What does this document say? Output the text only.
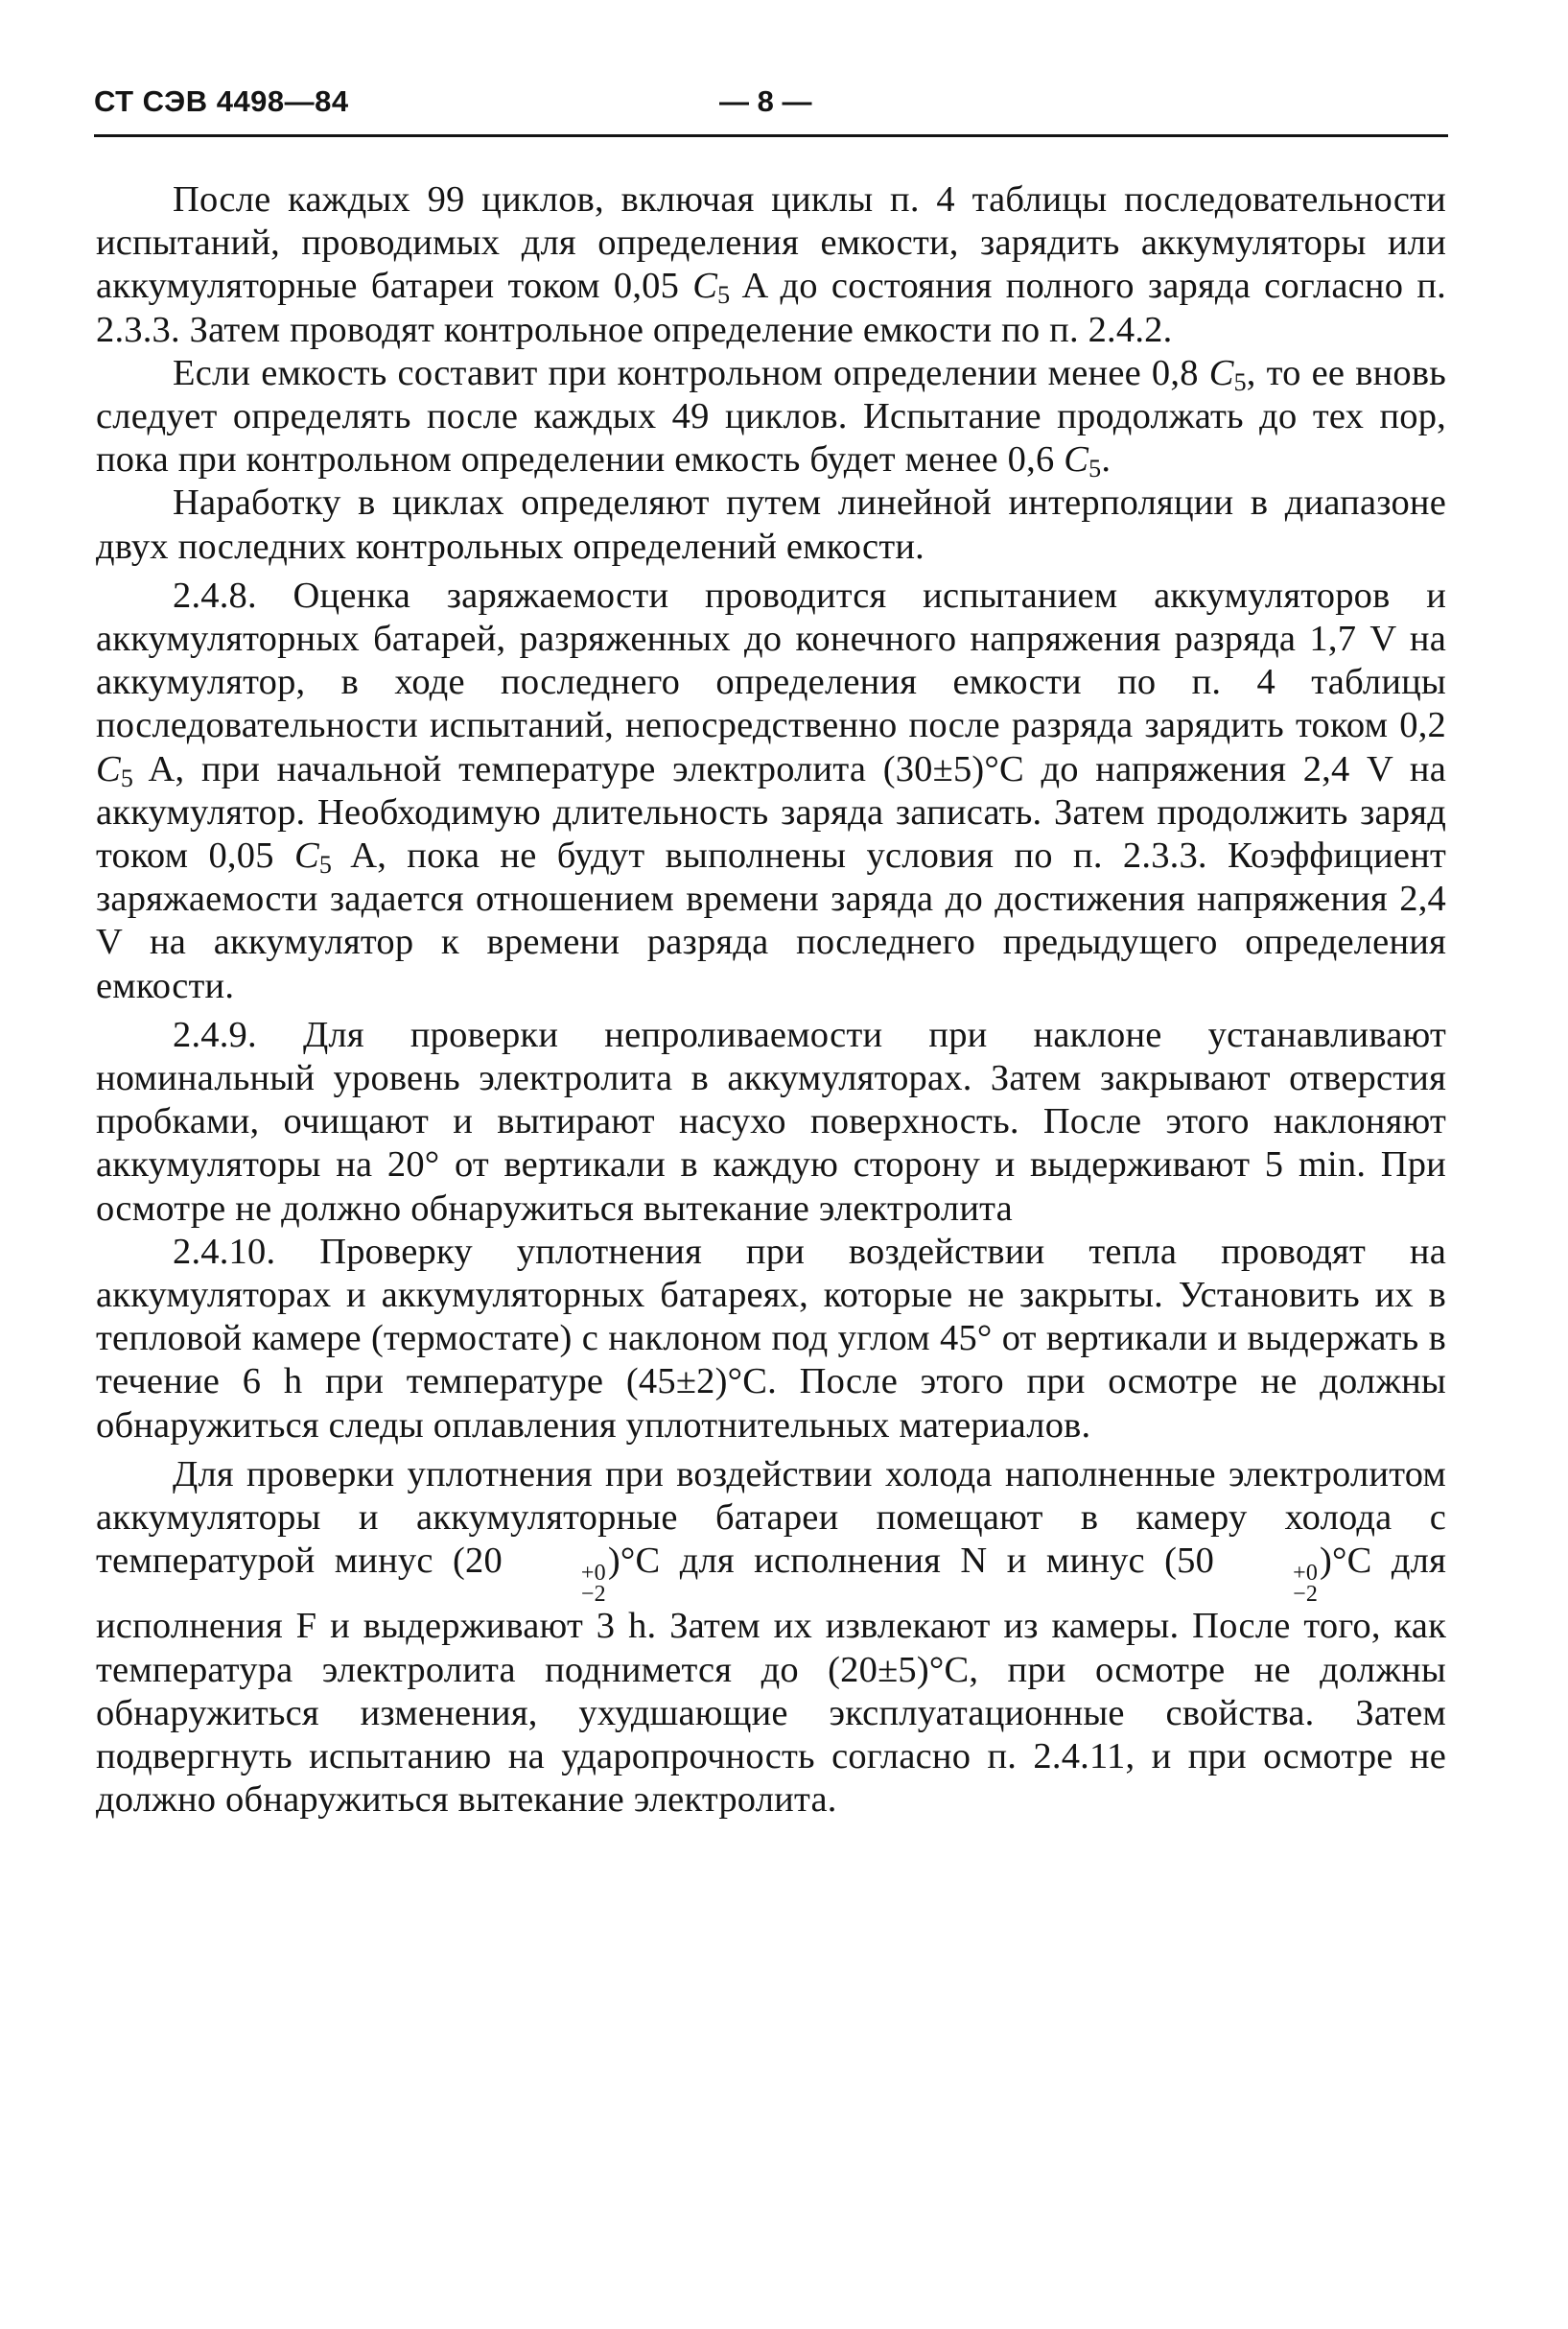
СТ СЭВ 4498—84	— 8 —

После каждых 99 циклов, включая циклы п. 4 таблицы последовательности испытаний, проводимых для определения емкости, зарядить аккумуляторы или аккумуляторные батареи током 0,05 $C_5$ A до состояния полного заряда согласно п. 2.3.3. Затем проводят контрольное определение емкости по п. 2.4.2.

Если емкость составит при контрольном определении менее 0,8 $C_5$, то ее вновь следует определять после каждых 49 циклов. Испытание продолжать до тех пор, пока при контрольном определении емкость будет менее 0,6 $C_5$.

Наработку в циклах определяют путем линейной интерполяции в диапазоне двух последних контрольных определений емкости.

2.4.8. Оценка заряжаемости проводится испытанием аккумуляторов и аккумуляторных батарей, разряженных до конечного напряжения разряда 1,7 V на аккумулятор, в ходе последнего определения емкости по п. 4 таблицы последовательности испытаний, непосредственно после разряда зарядить током 0,2 $C_5$ A, при начальной температуре электролита (30±5)°C до напряжения 2,4 V на аккумулятор. Необходимую длительность заряда записать. Затем продолжить заряд током 0,05 $C_5$ A, пока не будут выполнены условия по п. 2.3.3. Коэффициент заряжаемости задается отношением времени заряда до достижения напряжения 2,4 V на аккумулятор к времени разряда последнего предыдущего определения емкости.

2.4.9. Для проверки непроливаемости при наклоне устанавливают номинальный уровень электролита в аккумуляторах. Затем закрывают отверстия пробками, очищают и вытирают насухо поверхность. После этого наклоняют аккумуляторы на 20° от вертикали в каждую сторону и выдерживают 5 min. При осмотре не должно обнаружиться вытекание электролита

2.4.10. Проверку уплотнения при воздействии тепла проводят на аккумуляторах и аккумуляторных батареях, которые не закрыты. Установить их в тепловой камере (термостате) с наклоном под углом 45° от вертикали и выдержать в течение 6 h при температуре (45±2)°C. После этого при осмотре не должны обнаружиться следы оплавления уплотнительных материалов.

Для проверки уплотнения при воздействии холода наполненные электролитом аккумуляторы и аккумуляторные батареи помещают в камеру холода с температурой минус (20	+0
−2
)°C для исполнения N и минус (50	+0
−2
)°C для исполнения F и выдерживают 3 h. Затем их извлекают из камеры. После того, как температура электролита поднимется до (20±5)°C, при осмотре не должны обнаружиться изменения, ухудшающие эксплуатационные свойства. Затем подвергнуть испытанию на ударопрочность согласно п. 2.4.11, и при осмотре не должно обнаружиться вытекание электролита.
